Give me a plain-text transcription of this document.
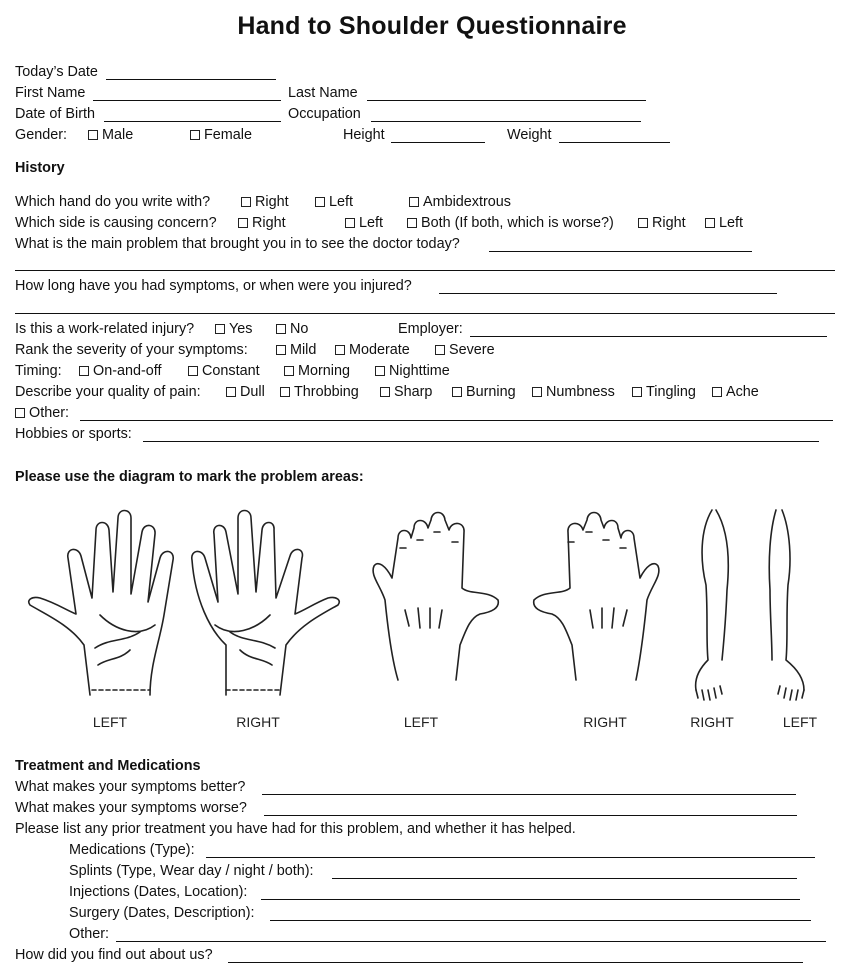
Hand to Shoulder Questionnaire
Today’s Date
First Name	Last Name
Date of Birth	Occupation
Gender:	Male	Female	Height	Weight
History
Which hand do you write with?	Right	Left	Ambidextrous
Which side is causing concern?	Right	Left	Both (If both, which is worse?)	Right	Left
What is the main problem that brought you in to see the doctor today?
How long have you had symptoms, or when were you injured?
Is this a work-related injury?	Yes	No	Employer:
Rank the severity of your symptoms:	Mild	Moderate	Severe
Timing:	On-and-off	Constant	Morning	Nighttime
Describe your quality of pain:	Dull	Throbbing	Sharp	Burning	Numbness	Tingling	Ache
Other:
Hobbies or sports:
Please use the diagram to mark the problem areas:
LEFT	RIGHT	LEFT	RIGHT	RIGHT	LEFT
Treatment and Medications
What makes your symptoms better?
What makes your symptoms worse?
Please list any prior treatment you have had for this problem, and whether it has helped.
Medications (Type):
Splints (Type, Wear day / night / both):
Injections (Dates, Location):
Surgery (Dates, Description):
Other:
How did you find out about us?
